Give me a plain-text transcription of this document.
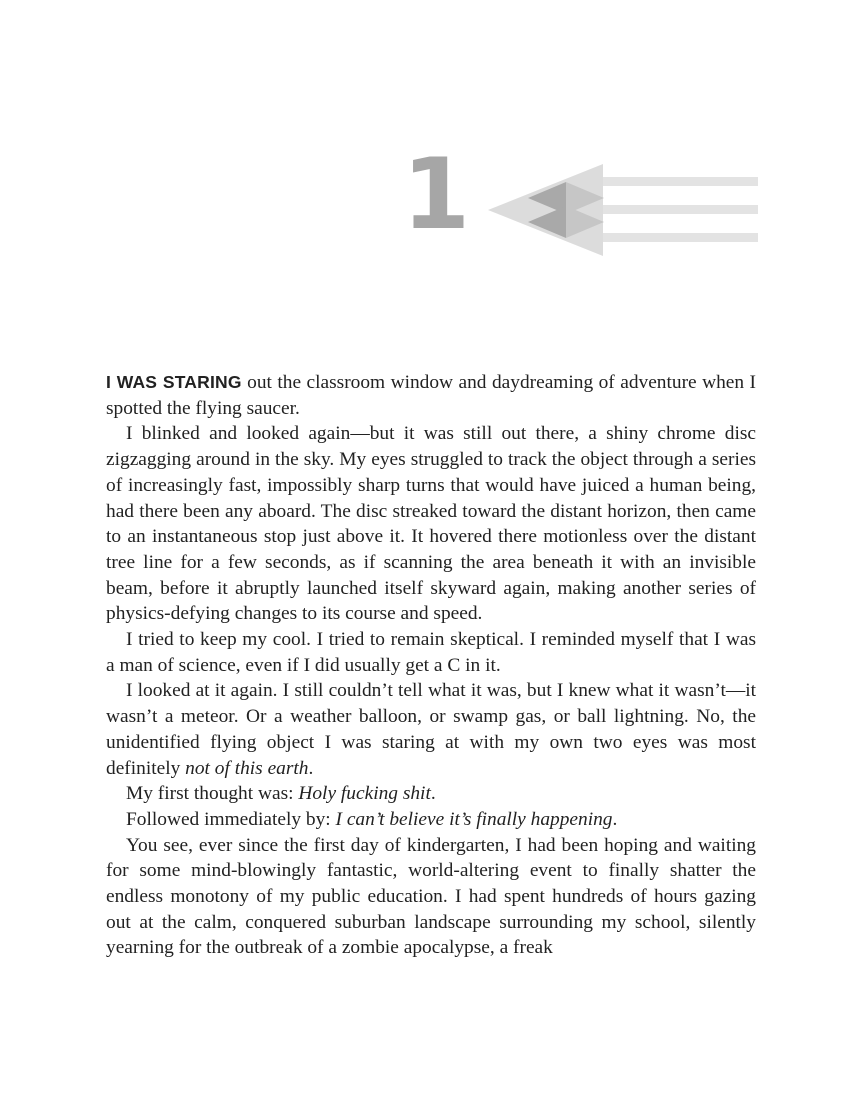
1

I WAS STARING out the classroom window and daydreaming of adventure when I spotted the flying saucer.

I blinked and looked again—but it was still out there, a shiny chrome disc zigzagging around in the sky. My eyes struggled to track the object through a series of increasingly fast, impossibly sharp turns that would have juiced a human being, had there been any aboard. The disc streaked toward the distant horizon, then came to an instantaneous stop just above it. It hovered there motionless over the distant tree line for a few seconds, as if scanning the area beneath it with an invisible beam, before it abruptly launched itself skyward again, making another series of physics-defying changes to its course and speed.

I tried to keep my cool. I tried to remain skeptical. I reminded myself that I was a man of science, even if I did usually get a C in it.

I looked at it again. I still couldn’t tell what it was, but I knew what it wasn’t—it wasn’t a meteor. Or a weather balloon, or swamp gas, or ball lightning. No, the unidentified flying object I was staring at with my own two eyes was most definitely not of this earth.

My first thought was: Holy fucking shit.

Followed immediately by: I can’t believe it’s finally happening.

You see, ever since the first day of kindergarten, I had been hoping and waiting for some mind-blowingly fantastic, world-altering event to finally shatter the endless monotony of my public education. I had spent hundreds of hours gazing out at the calm, conquered suburban landscape surrounding my school, silently yearning for the outbreak of a zombie apocalypse, a freak
